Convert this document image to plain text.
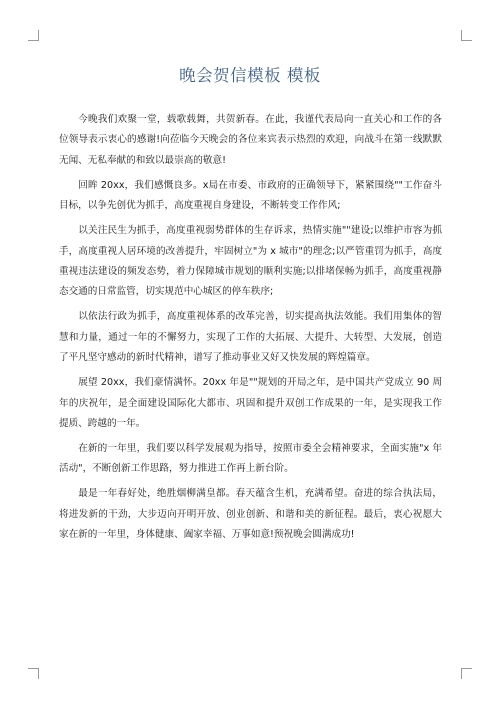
晚会贺信模板 模板

今晚我们欢聚一堂，载歌载舞，共贺新春。在此，我谨代表局向一直关心和工作的各位领导表示衷心的感谢!向莅临今天晚会的各位来宾表示热烈的欢迎，向战斗在第一线默默无闻、无私奉献的和致以最崇高的敬意!

回眸 20xx，我们感慨良多。x局在市委、市政府的正确领导下，紧紧围绕""工作奋斗目标，以争先创优为抓手，高度重视自身建设，不断转变工作作风;

以关注民生为抓手，高度重视弱势群体的生存诉求，热情实施""建设;以维护市容为抓手，高度重视人居环境的改善提升，牢固树立"为 x 城市"的理念;以严管重罚为抓手，高度重视违法建设的频发态势，着力保障城市规划的顺利实施;以排堵保畅为抓手，高度重视静态交通的日常监管，切实规范中心城区的停车秩序;

以依法行政为抓手，高度重视体系的改革完善，切实提高执法效能。我们用集体的智慧和力量，通过一年的不懈努力，实现了工作的大拓展、大提升、大转型、大发展，创造了平凡坚守感动的新时代精神，谱写了推动事业又好又快发展的辉煌篇章。

展望 20xx，我们豪情满怀。20xx 年是""规划的开局之年，是中国共产党成立 90 周年的庆祝年，是全面建设国际化大都市、巩固和提升双创工作成果的一年，是实现我工作提质、跨越的一年。

在新的一年里，我们要以科学发展观为指导，按照市委全会精神要求，全面实施"x 年活动"，不断创新工作思路，努力推进工作再上新台阶。

最是一年春好处，绝胜烟柳满皇都。春天蕴含生机，充满希望。奋进的综合执法局，将进发新的干劲，大步迈向开明开放、创业创新、和谐和美的新征程。最后，衷心祝愿大家在新的一年里，身体健康、阖家幸福、万事如意!预祝晚会圆满成功!
